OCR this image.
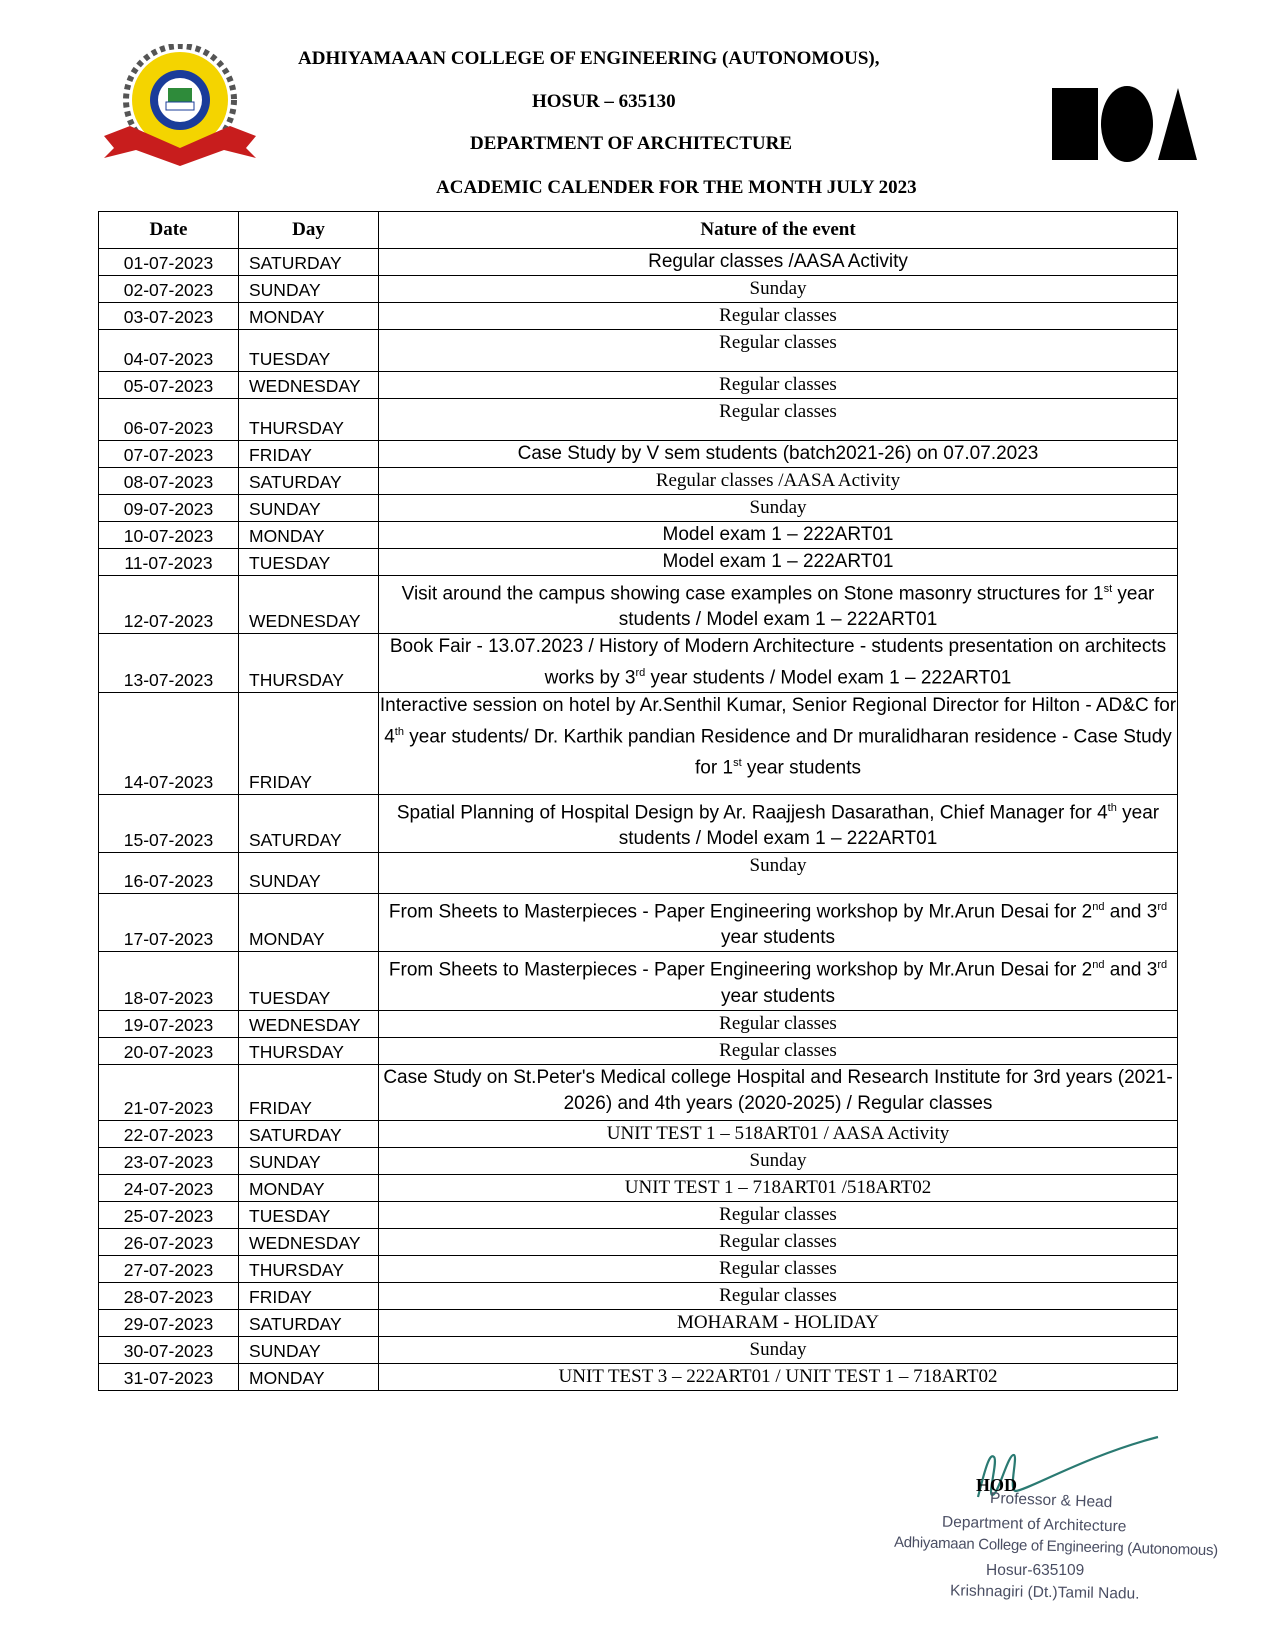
ADHIYAMAAAN COLLEGE OF ENGINEERING (AUTONOMOUS),
HOSUR – 635130
DEPARTMENT OF ARCHITECTURE
ACADEMIC CALENDER FOR THE MONTH JULY 2023
Date	Day	Nature of the event
01-07-2023	SATURDAY	Regular classes /AASA Activity
02-07-2023	SUNDAY	Sunday
03-07-2023	MONDAY	Regular classes
04-07-2023	TUESDAY	Regular classes
05-07-2023	WEDNESDAY	Regular classes
06-07-2023	THURSDAY	Regular classes
07-07-2023	FRIDAY	Case Study by V sem students (batch2021-26) on 07.07.2023
08-07-2023	SATURDAY	Regular classes /AASA Activity
09-07-2023	SUNDAY	Sunday
10-07-2023	MONDAY	Model exam 1 – 222ART01
11-07-2023	TUESDAY	Model exam 1 – 222ART01
12-07-2023	WEDNESDAY	Visit around the campus showing case examples on Stone masonry structures for 1st year students / Model exam 1 – 222ART01
13-07-2023	THURSDAY	Book Fair - 13.07.2023 / History of Modern Architecture - students presentation on architects works by 3rd year students / Model exam 1 – 222ART01
14-07-2023	FRIDAY	Interactive session on hotel by Ar.Senthil Kumar, Senior Regional Director for Hilton - AD&C for 4th year students/ Dr. Karthik pandian Residence and Dr muralidharan residence - Case Study for 1st year students
15-07-2023	SATURDAY	Spatial Planning of Hospital Design by Ar. Raajjesh Dasarathan, Chief Manager for 4th year students / Model exam 1 – 222ART01
16-07-2023	SUNDAY	Sunday
17-07-2023	MONDAY	From Sheets to Masterpieces - Paper Engineering workshop by Mr.Arun Desai for 2nd and 3rd year students
18-07-2023	TUESDAY	From Sheets to Masterpieces - Paper Engineering workshop by Mr.Arun Desai for 2nd and 3rd year students
19-07-2023	WEDNESDAY	Regular classes
20-07-2023	THURSDAY	Regular classes
21-07-2023	FRIDAY	Case Study on St.Peter's Medical college Hospital and Research Institute for 3rd years (2021-2026) and 4th years (2020-2025) / Regular classes
22-07-2023	SATURDAY	UNIT TEST 1 – 518ART01 / AASA Activity
23-07-2023	SUNDAY	Sunday
24-07-2023	MONDAY	UNIT TEST 1 – 718ART01 /518ART02
25-07-2023	TUESDAY	Regular classes
26-07-2023	WEDNESDAY	Regular classes
27-07-2023	THURSDAY	Regular classes
28-07-2023	FRIDAY	Regular classes
29-07-2023	SATURDAY	MOHARAM - HOLIDAY
30-07-2023	SUNDAY	Sunday
31-07-2023	MONDAY	UNIT TEST 3 – 222ART01 / UNIT TEST 1 – 718ART02
HOD
Professor & Head
Department of Architecture
Adhiyamaan College of Engineering (Autonomous)
Hosur-635109
Krishnagiri (Dt.)Tamil Nadu.
